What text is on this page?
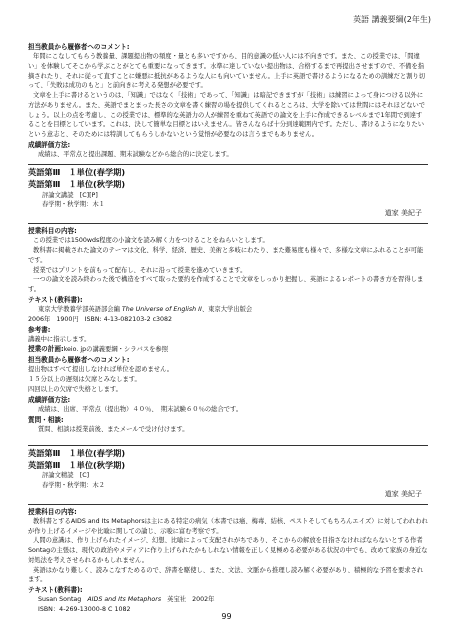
英語 講義要綱(2年生)
担当教員から履修者へのコメント:

年間にこなしてもらう教養量、課題提出物の頻度・量とも多いですから、目的意識の低い人には不向きです。また、この授業では、「間違い」を体験してそこから学ぶことがとても重要になってきます。水準に達していない提出物は、合格するまで再提出させますので、不備を指摘されたり、それに従って直すことに嫌悪に抵抗があるような人にも向いていません。上手に英語で書けるようになるための訓練だと割り切って、「失敗は成功のもと」と前向きに考える発想が必要です。

文章を上手に書けるというのは、「知識」ではなく「技術」であって、「知識」は暗記できますが「技術」は練習によって身につける以外に方法がありません。また、英語でまとまった長さの文章を書く練習の場を提供してくれるところは、大学を除いては世間にはそれほどないでしょう。以上の点を考慮し、この授業では、標準的な英語力の人が練習を重ねて英語での論文を上手に作成できるレベルまで1年間で到達することを目標としています。これは、決して簡単な目標とはいえません。皆さんならば十分到達範囲内です。ただし、書けるようになりたいという意志と、そのためには特訓してもらうしかないという覚悟が必要なのは言うまでもありません。

成績評価方法:

成績は、平常点と提出課題、期末試験などから総合的に決定します。

英語第Ⅲ　１単位(春学期)
英語第Ⅲ　１単位(秋学期)
評論文講読　[C][P]
春学期・秋学期：木１
道家 美紀子
授業科目の内容:

この授業では1500wds程度の小論文を読み解く力をつけることをねらいとします。

教科書に掲載された論文のテーマは文化、科学、経済、歴史、美術と多岐にわたり、また難易度も様々で、多様な文章にふれることが可能です。

授業ではプリントを前もって配布し、それに沿って授業を進めていきます。

一つの論文を読み終わった後で構造をすべて取った要約を作成することで文章をしっかり把握し、英語によるレポートの書き方を習得します。

テキスト(教科書):

東京大学教養学部英語部会編 The Universe of English II、東京大学出版会

2006年 1900円 ISBN: 4-13-082103-2 c3082

参考書:

講義中に指示します。

授業の計画:keio. jpの講義要綱・シラバスを参照
担当教員から履修者へのコメント:

提出物はすべて提出しなければ単位を認めません。

１５分以上の遅刻は欠席とみなします。

四回以上の欠席で失格とします。

成績評価方法:

成績は、出席、平常点（提出物）４０％、　期末試験６０％の総合です。

質問・相談:

質問、相談は授業前後、またメールで受け付けます。

英語第Ⅲ　１単位(春学期)
英語第Ⅲ　１単位(秋学期)
評論文精読　[C]
春学期・秋学期：木２
道家 美紀子
授業科目の内容:

教科書とするAIDS and Its Metaphorsは主にある特定の病気（本書では癌、梅毒、結核、ペストそしてもちろんエイズ）に対してわれわれが作り上げるイメージや比喩に関しての論じ、示唆に富む考察です。

人間の意識は、作り上げられたイメージ、幻想、比喩によって支配されがちであり、そこからの解放を目指さなければならないとする作者Sontagの主張は、現代の政治やメディアに作り上げられたかもしれない情報を正しく見極める必要がある状況の中でも、改めて家族の身近な対処法を考えさせられるかもしれません。

英語はかなり難しく、読みこなすためるので、辞書を駆使し、また、文法、文脈から推理し読み解く必要があり、積極的な予習を要求されます。

テキスト(教科書):

Susan Sontag AIDS and Its Metaphors 英宝社 2002年

ISBN：4-269-13000-8 C 1082

99
